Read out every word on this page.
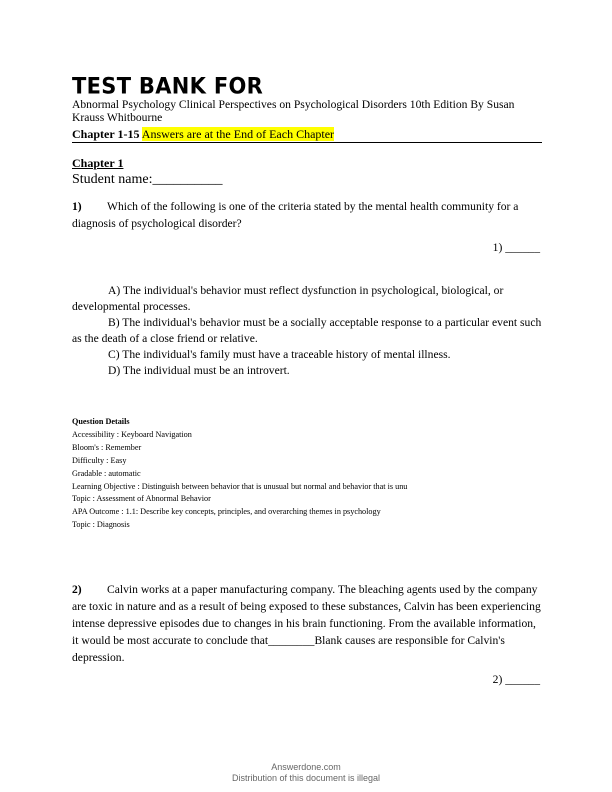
TEST BANK FOR
Abnormal Psychology Clinical Perspectives on Psychological Disorders 10th Edition By Susan Krauss Whitbourne
Chapter 1-15 Answers are at the End of Each Chapter
Chapter 1
Student name:__________
1) Which of the following is one of the criteria stated by the mental health community for a diagnosis of psychological disorder?
1) ______

A) The individual's behavior must reflect dysfunction in psychological, biological, or developmental processes.

B) The individual's behavior must be a socially acceptable response to a particular event such as the death of a close friend or relative.

C) The individual's family must have a traceable history of mental illness.

D) The individual must be an introvert.

Question Details
Accessibility : Keyboard Navigation
Bloom's : Remember
Difficulty : Easy
Gradable : automatic
Learning Objective : Distinguish between behavior that is unusual but normal and behavior that is unu
Topic : Assessment of Abnormal Behavior
APA Outcome : 1.1: Describe key concepts, principles, and overarching themes in psychology
Topic : Diagnosis
2) Calvin works at a paper manufacturing company. The bleaching agents used by the company are toxic in nature and as a result of being exposed to these substances, Calvin has been experiencing intense depressive episodes due to changes in his brain functioning. From the available information, it would be most accurate to conclude that________Blank causes are responsible for Calvin's depression.
2) ______
Answerdone.com
Distribution of this document is illegal
